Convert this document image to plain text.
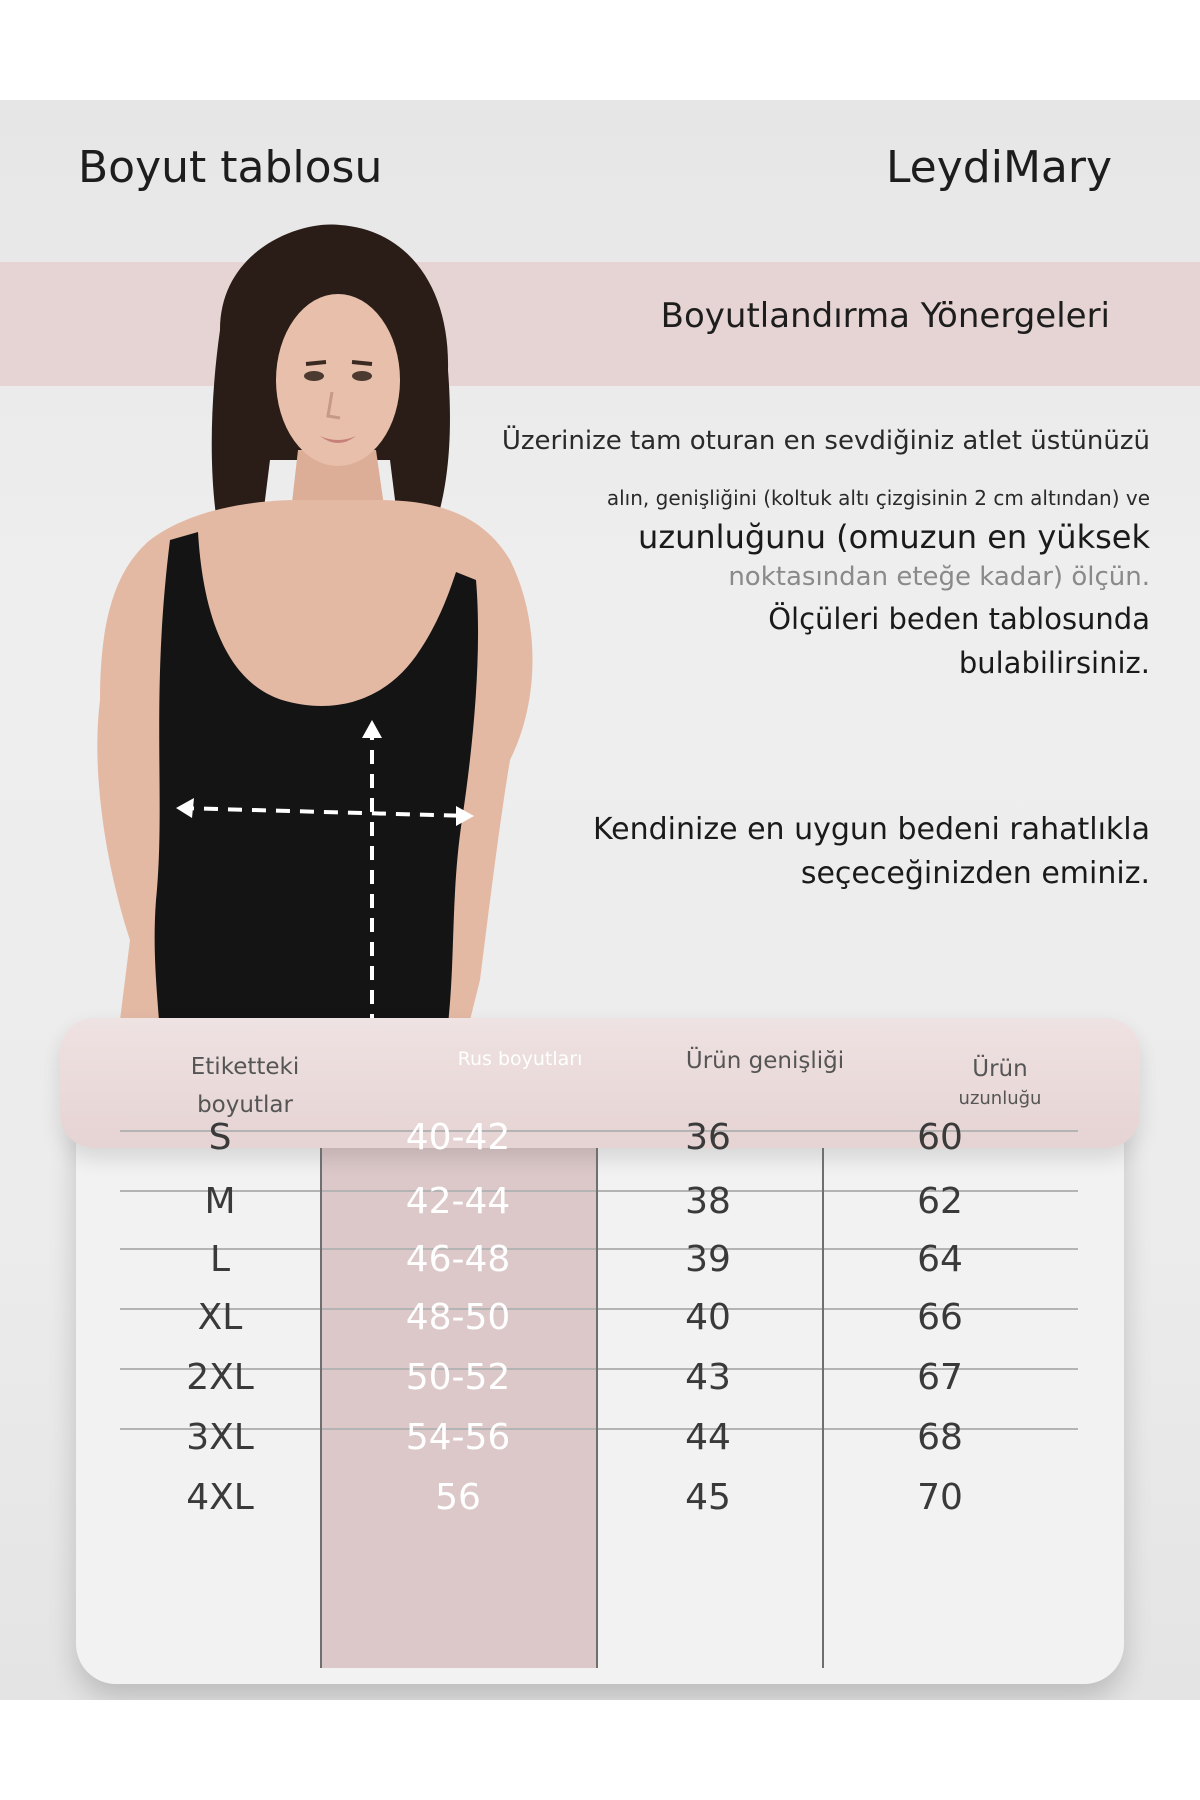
Boyut tablosu	LeydiMary
Boyutlandırma Yönergeleri
Üzerinize tam oturan en sevdiğiniz atlet üstünüzü
alın, genişliğini (koltuk altı çizgisinin 2 cm altından) ve
uzunluğunu (omuzun en yüksek
noktasından eteğe kadar) ölçün.
Ölçüleri beden tablosunda
bulabilirsiniz.
Kendinize en uygun bedeni rahatlıkla
seçeceğinizden eminiz.
Etiketteki
boyutlar
Rus boyutları	Ürün genişliği	Ürün
uzunluğu
S	40-42	36	60
M	42-44	38	62
L	46-48	39	64
XL	48-50	40	66
2XL	50-52	43	67
3XL	54-56	44	68
4XL	56	45	70
